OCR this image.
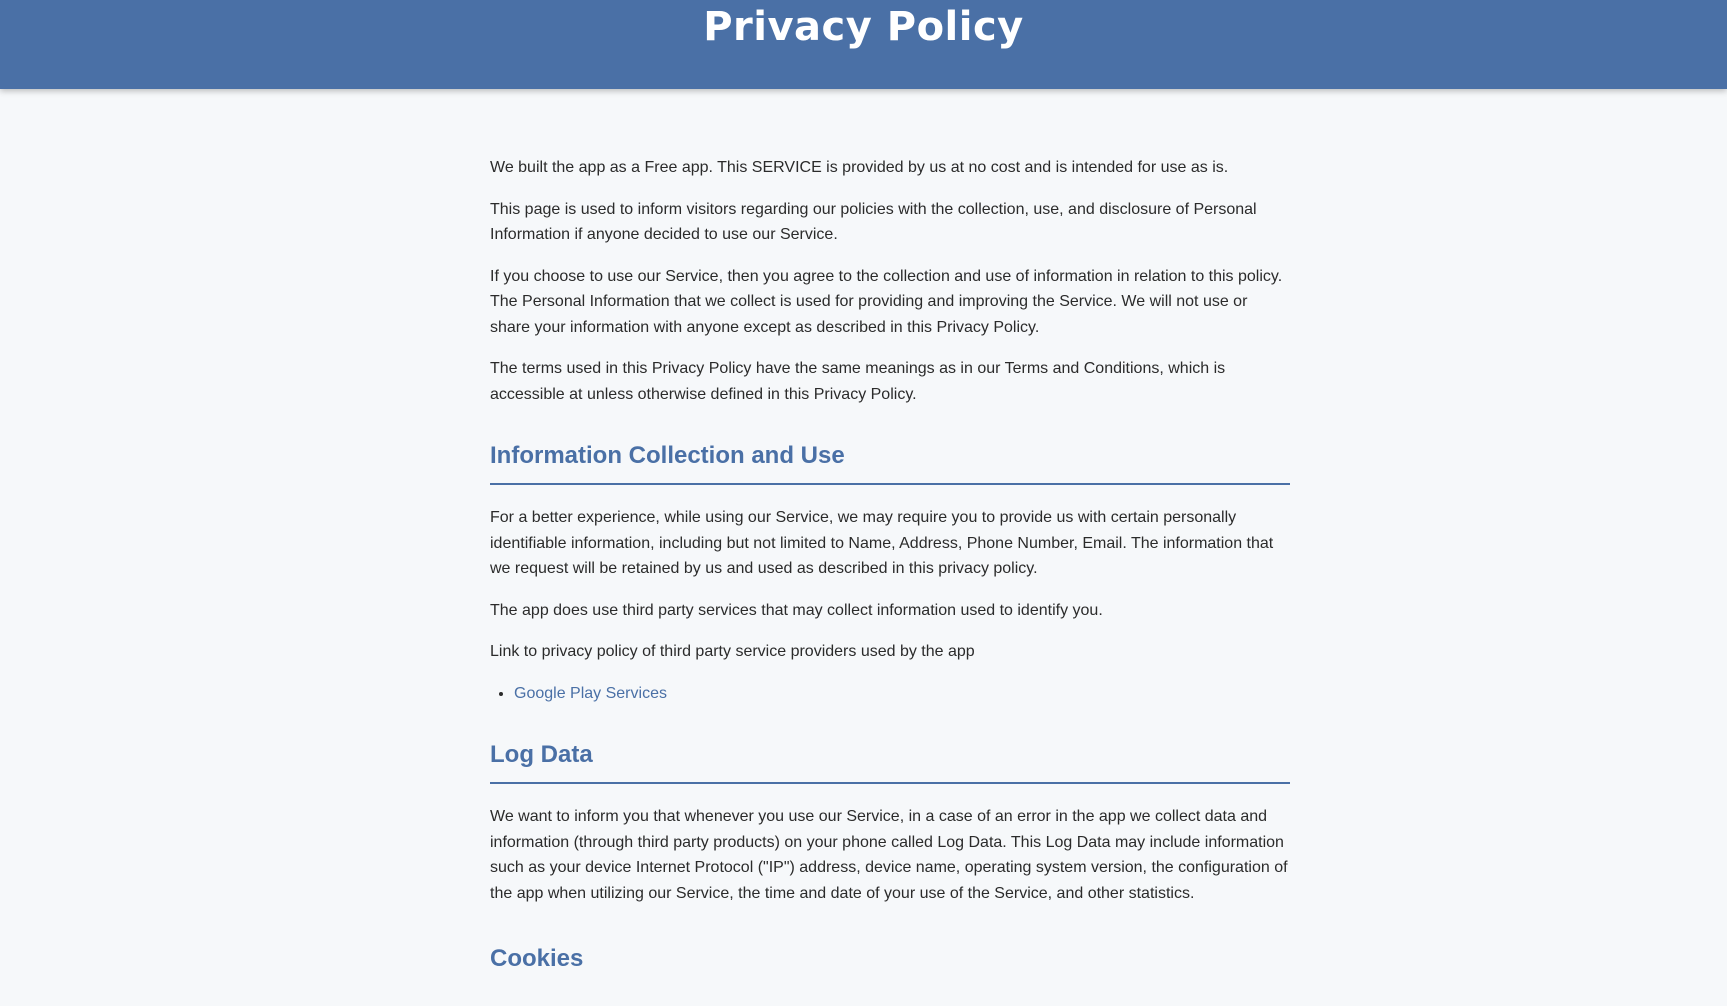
Privacy Policy

We built the app as a Free app. This SERVICE is provided by us at no cost and is intended for use as is.

This page is used to inform visitors regarding our policies with the collection, use, and disclosure of Personal Information if anyone decided to use our Service.

If you choose to use our Service, then you agree to the collection and use of information in relation to this policy. The Personal Information that we collect is used for providing and improving the Service. We will not use or share your information with anyone except as described in this Privacy Policy.

The terms used in this Privacy Policy have the same meanings as in our Terms and Conditions, which is accessible at unless otherwise defined in this Privacy Policy.

Information Collection and Use

For a better experience, while using our Service, we may require you to provide us with certain personally identifiable information, including but not limited to Name, Address, Phone Number, Email. The information that we request will be retained by us and used as described in this privacy policy.

The app does use third party services that may collect information used to identify you.

Link to privacy policy of third party service providers used by the app

• Google Play Services
Log Data

We want to inform you that whenever you use our Service, in a case of an error in the app we collect data and information (through third party products) on your phone called Log Data. This Log Data may include information such as your device Internet Protocol ("IP") address, device name, operating system version, the configuration of the app when utilizing our Service, the time and date of your use of the Service, and other statistics.

Cookies
